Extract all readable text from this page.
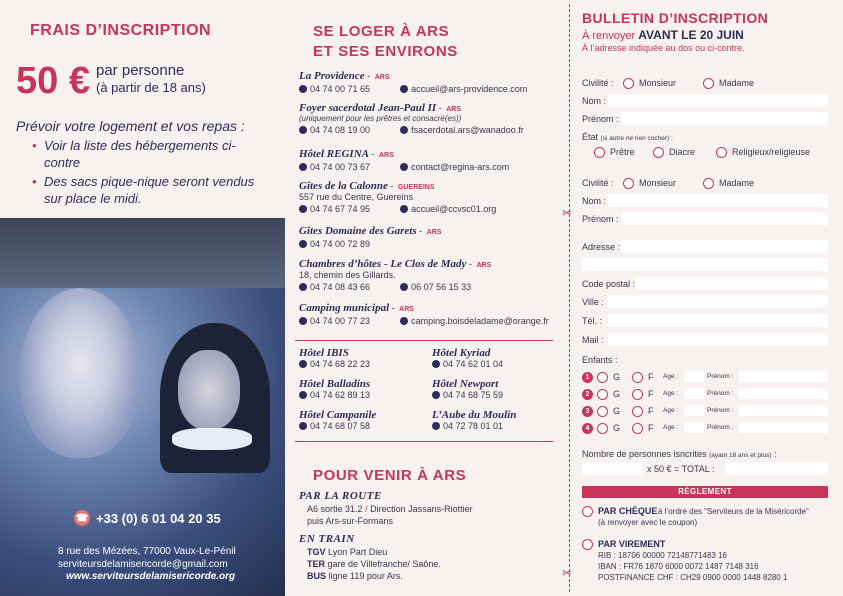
FRAIS D’INSCRIPTION
50 € par personne
(à partir de 18 ans)
Prévoir votre logement et vos repas :
• Voir la liste des hébergements ci-contre
• Des sacs pique-nique seront vendus sur place le midi.
☎ +33 (0) 6 01 04 20 35
8 rue des Mézées, 77000 Vaux-Le-Pénil
serviteursdelamisericorde@gmail.com
www.serviteursdelamisericorde.org
SE LOGER À ARS
ET SES ENVIRONS
La Providence - ARS
04 74 00 71 65	accueil@ars-providence.com
Foyer sacerdotal Jean-Paul II - ARS
(uniquement pour les prêtres et consacré(es))
04 74 08 19 00	fsacerdotal.ars@wanadoo.fr
Hôtel REGINA - ARS
04 74 00 73 67	contact@regina-ars.com
Gîtes de la Calonne - GUEREINS
557 rue du Centre, Guereins
04 74 67 74 95	accueil@ccvsc01.org
Gîtes Domaine des Garets - ARS
04 74 00 72 89
Chambres d’hôtes - Le Clos de Mady - ARS
18, chemin des Gillards.
04 74 08 43 66	06 07 56 15 33
Camping municipal - ARS
04 74 00 77 23	camping.boisdeladame@orange.fr
Hôtel IBIS
04 74 68 22 23
Hôtel Kyriad
04 74 62 01 04
Hôtel Balladins
04 74 62 89 13
Hôtel Newport
04 74 68 75 59
Hôtel Campanile
04 74 68 07 58
L’Aube du Moulin
04 72 78 01 01
POUR VENIR À ARS
PAR LA ROUTE
A6 sortie 31.2 / Direction Jassans-Riottier
puis Ars-sur-Formans
EN TRAIN
TGV Lyon Part Dieu
TER gare de Villefranche/ Saône.
BUS ligne 119 pour Ars.
✂
✂
BULLETIN D’INSCRIPTION
À renvoyer AVANT LE 20 JUIN
À l’adresse indiquée au dos ou ci-contre.
Civilité :	Monsieur	Madame
Nom :
Prénom :
État (si autre ne rien cocher) :
Prêtre	Diacre	Religieux/religieuse
Civilité :	Monsieur	Madame
Nom :
Prénom :
Adresse :
Code postal :
Ville :
Tél. :
Mail :
Enfants :
1	G	F Age :	Prénom :
2	G	F Age :	Prénom :
3	G	F Age :	Prénom :
4	G	F Age :	Prénom :
Nombre de personnes isncrites (ayant 18 ans et plus) :
x 50 € = TOTAL :
RÈGLEMENT
PAR CHÈQUE à l’ordre des “Serviteurs de la Miséricorde”
(à renvoyer avec le coupon)
PAR VIREMENT
RIB : 18706 00000 72148771483 16
IBAN : FR76 1870 6000 0072 1487 7148 316
POSTFINANCE CHF : CH29 0900 0000 1448 8280 1
